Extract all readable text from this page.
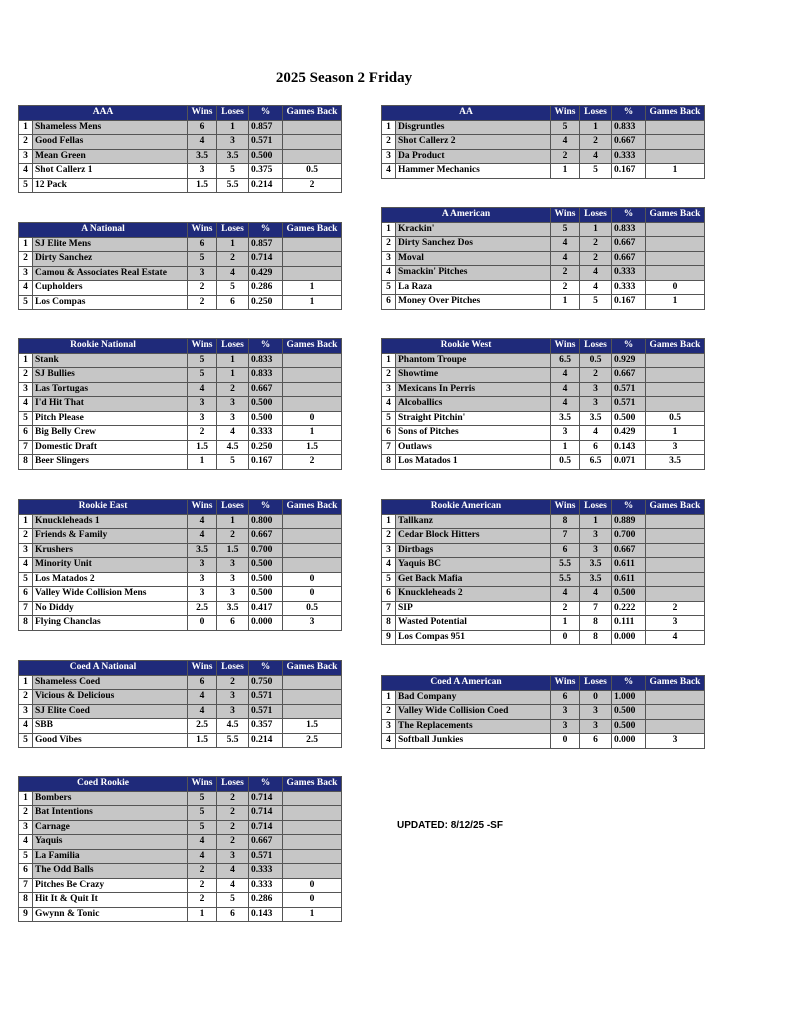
2025 Season 2 Friday
UPDATED: 8/12/25 -SF
AAA		Wins	Loses	%	Games Back
1	Shameless Mens	6	1	0.857	
2	Good Fellas	4	3	0.571	
3	Mean Green	3.5	3.5	0.500	
4	Shot Callerz 1	3	5	0.375	0.5
5	12 Pack	1.5	5.5	0.214	2
AA		Wins	Loses	%	Games Back
1	Disgruntles	5	1	0.833	
2	Shot Callerz 2	4	2	0.667	
3	Da Product	2	4	0.333	
4	Hammer Mechanics	1	5	0.167	1
A National		Wins	Loses	%	Games Back
1	SJ Elite Mens	6	1	0.857	
2	Dirty Sanchez	5	2	0.714	
3	Camou & Associates Real Estate	3	4	0.429	
4	Cupholders	2	5	0.286	1
5	Los Compas	2	6	0.250	1
A American		Wins	Loses	%	Games Back
1	Krackin'	5	1	0.833	
2	Dirty Sanchez Dos	4	2	0.667	
3	Moval	4	2	0.667	
4	Smackin' Pitches	2	4	0.333	
5	La Raza	2	4	0.333	0
6	Money Over Pitches	1	5	0.167	1
Rookie National		Wins	Loses	%	Games Back
1	Stank	5	1	0.833	
2	SJ Bullies	5	1	0.833	
3	Las Tortugas	4	2	0.667	
4	I'd Hit That	3	3	0.500	
5	Pitch Please	3	3	0.500	0
6	Big Belly Crew	2	4	0.333	1
7	Domestic Draft	1.5	4.5	0.250	1.5
8	Beer Slingers	1	5	0.167	2
Rookie West		Wins	Loses	%	Games Back
1	Phantom Troupe	6.5	0.5	0.929	
2	Showtime	4	2	0.667	
3	Mexicans In Perris	4	3	0.571	
4	Alcoballics	4	3	0.571	
5	Straight Pitchin'	3.5	3.5	0.500	0.5
6	Sons of Pitches	3	4	0.429	1
7	Outlaws	1	6	0.143	3
8	Los Matados 1	0.5	6.5	0.071	3.5
Rookie East		Wins	Loses	%	Games Back
1	Knuckleheads 1	4	1	0.800	
2	Friends & Family	4	2	0.667	
3	Krushers	3.5	1.5	0.700	
4	Minority Unit	3	3	0.500	
5	Los Matados 2	3	3	0.500	0
6	Valley Wide Collision Mens	3	3	0.500	0
7	No Diddy	2.5	3.5	0.417	0.5
8	Flying Chanclas	0	6	0.000	3
Rookie American		Wins	Loses	%	Games Back
1	Tallkanz	8	1	0.889	
2	Cedar Block Hitters	7	3	0.700	
3	Dirtbags	6	3	0.667	
4	Yaquis BC	5.5	3.5	0.611	
5	Get Back Mafia	5.5	3.5	0.611	
6	Knuckleheads 2	4	4	0.500	
7	SIP	2	7	0.222	2
8	Wasted Potential	1	8	0.111	3
9	Los Compas 951	0	8	0.000	4
Coed A National		Wins	Loses	%	Games Back
1	Shameless Coed	6	2	0.750	
2	Vicious & Delicious	4	3	0.571	
3	SJ Elite Coed	4	3	0.571	
4	SBB	2.5	4.5	0.357	1.5
5	Good Vibes	1.5	5.5	0.214	2.5
Coed A American		Wins	Loses	%	Games Back
1	Bad Company	6	0	1.000	
2	Valley Wide Collision Coed	3	3	0.500	
3	The Replacements	3	3	0.500	
4	Softball Junkies	0	6	0.000	3
Coed Rookie		Wins	Loses	%	Games Back
1	Bombers	5	2	0.714	
2	Bat Intentions	5	2	0.714	
3	Carnage	5	2	0.714	
4	Yaquis	4	2	0.667	
5	La Familia	4	3	0.571	
6	The Odd Balls	2	4	0.333	
7	Pitches Be Crazy	2	4	0.333	0
8	Hit It & Quit It	2	5	0.286	0
9	Gwynn & Tonic	1	6	0.143	1
